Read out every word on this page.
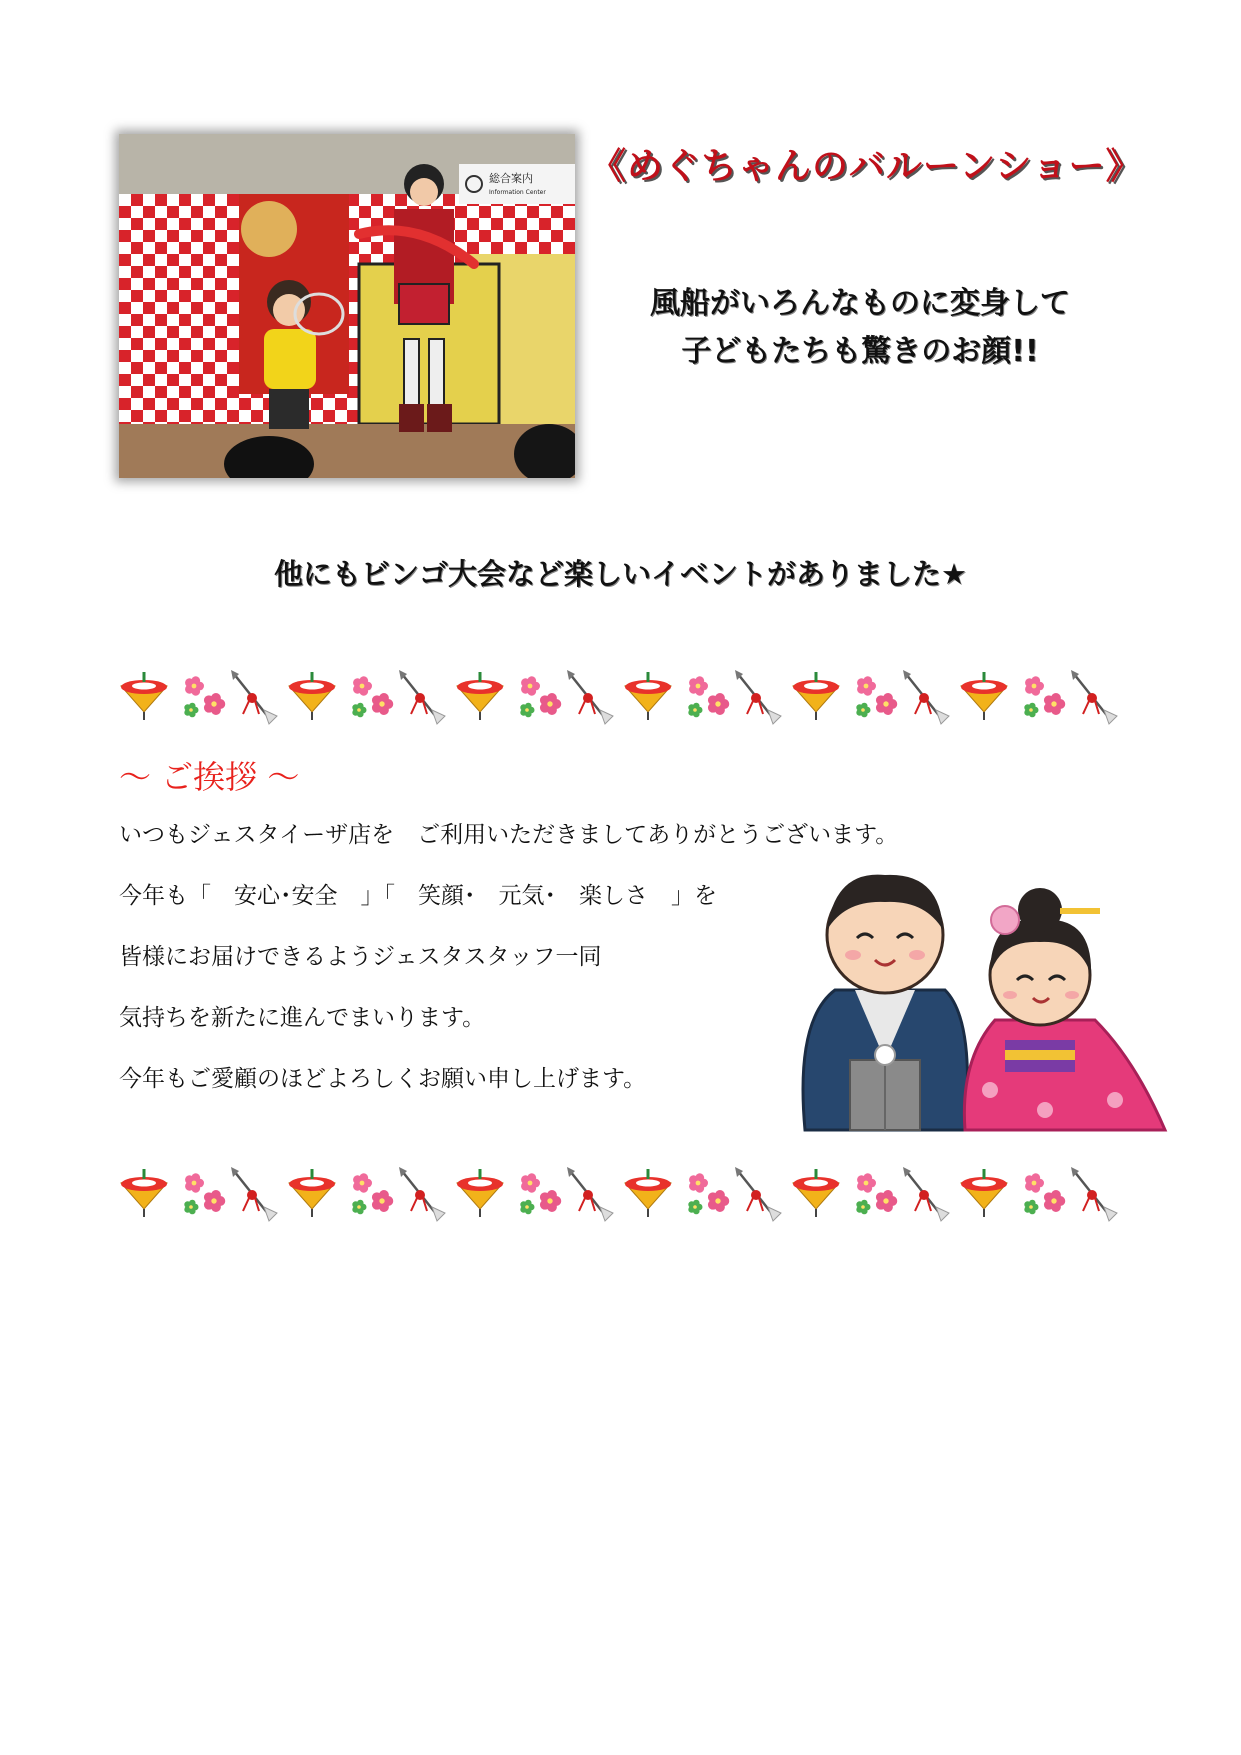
総合案内
Information Center
《めぐちゃんのバルーンショー》
風船がいろんなものに変身して
子どもたちも驚きのお顔!!
他にもビンゴ大会など楽しいイベントがありました★
～ ご挨拶 ～
いつもジェスタイーザ店を　ご利用いただきましてありがとうございます。
今年も「　安心･安全　」「　笑顔･　元気･　楽しさ　」を
皆様にお届けできるようジェスタスタッフ一同
気持ちを新たに進んでまいります。
今年もご愛顧のほどよろしくお願い申し上げます。
